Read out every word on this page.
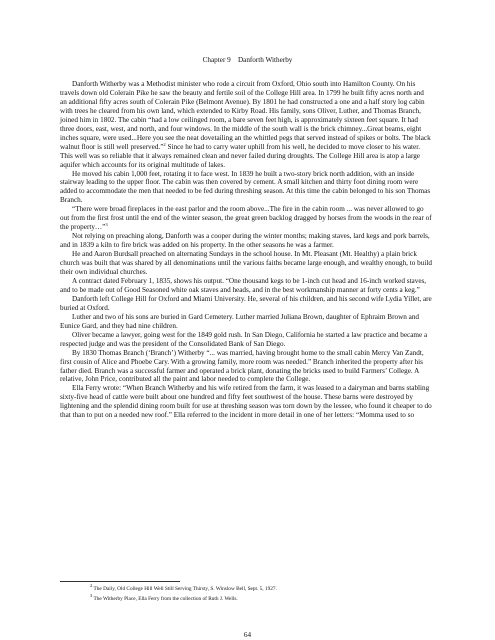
Chapter 9 Danforth Witherby

Danforth Witherby was a Methodist minister who rode a circuit from Oxford, Ohio south into Hamilton County. On his travels down old Colerain Pike he saw the beauty and fertile soil of the College Hill area. In 1799 he built fifty acres north and an additional fifty acres south of Colerain Pike (Belmont Avenue). By 1801 he had constructed a one and a half story log cabin with trees he cleared from his own land, which extended to Kirby Road. His family, sons Oliver, Luther, and Thomas Branch, joined him in 1802. The cabin “had a low ceilinged room, a bare seven feet high, is approximately sixteen feet square. It had three doors, east, west, and north, and four windows. In the middle of the south wall is the brick chimney...Great beams, eight inches square, were used...Here you see the neat dovetailing an the whittled pegs that served instead of spikes or bolts. The black walnut floor is still well preserved.”$^2$ Since he had to carry water uphill from his well, he decided to move closer to his water. This well was so reliable that it always remained clean and never failed during droughts. The College Hill area is atop a large aquifer which accounts for its original multitude of lakes.

He moved his cabin 1,000 feet, rotating it to face west. In 1839 he built a two-story brick north addition, with an inside stairway leading to the upper floor. The cabin was then covered by cement. A small kitchen and thirty foot dining room were added to accommodate the men that needed to be fed during threshing season. At this time the cabin belonged to his son Thomas Branch.

“There were broad fireplaces in the east parlor and the room above...The fire in the cabin room ... was never allowed to go out from the first frost until the end of the winter season, the great green backlog dragged by horses from the woods in the rear of the property…”$^3$

Not relying on preaching along, Danforth was a cooper during the winter months; making staves, lard kegs and pork barrels, and in 1839 a kiln to fire brick was added on his property. In the other seasons he was a farmer.

He and Aaron Burdsall preached on alternating Sundays in the school house. In Mt. Pleasant (Mt. Healthy) a plain brick church was built that was shared by all denominations until the various faiths became large enough, and wealthy enough, to build their own individual churches.

A contract dated February 1, 1835, shows his output. “One thousand kegs to be 1-inch cut head and 16-inch worked staves, and to be made out of Good Seasoned white oak staves and heads, and in the best workmanship manner at forty cents a keg.”

Danforth left College Hill for Oxford and Miami University. He, several of his children, and his second wife Lydia Yillet, are buried at Oxford.

Luther and two of his sons are buried in Gard Cemetery. Luther married Juliana Brown, daughter of Ephraim Brown and Eunice Gard, and they had nine children.

Oliver became a lawyer, going west for the 1849 gold rush. In San Diego, California he started a law practice and became a respected judge and was the president of the Consolidated Bank of San Diego.

By 1830 Thomas Branch (‘Branch’) Witherby “... was married, having brought home to the small cabin Mercy Van Zandt, first cousin of Alice and Phoebe Cary. With a growing family, more room was needed.” Branch inherited the property after his father died. Branch was a successful farmer and operated a brick plant, donating the bricks used to build Farmers’ College. A relative, John Price, contributed all the paint and labor needed to complete the College.

Ella Ferry wrote: “When Branch Witherby and his wife retired from the farm, it was leased to a dairyman and barns stabling sixty-five head of cattle were built about one hundred and fifty feet southwest of the house. These barns were destroyed by lightening and the splendid dining room built for use at threshing season was torn down by the lessee, who found it cheaper to do that than to put on a needed new roof.” Ella referred to the incident in more detail in one of her letters: “Momma used to so

$^2$ The Daily, Old College Hill Well Still Serving Thirsty, S. Winslow Bell, Sept. 5, 1927.

$^3$ The Witherby Place, Ella Ferry from the collection of Ruth J. Wells.

64
